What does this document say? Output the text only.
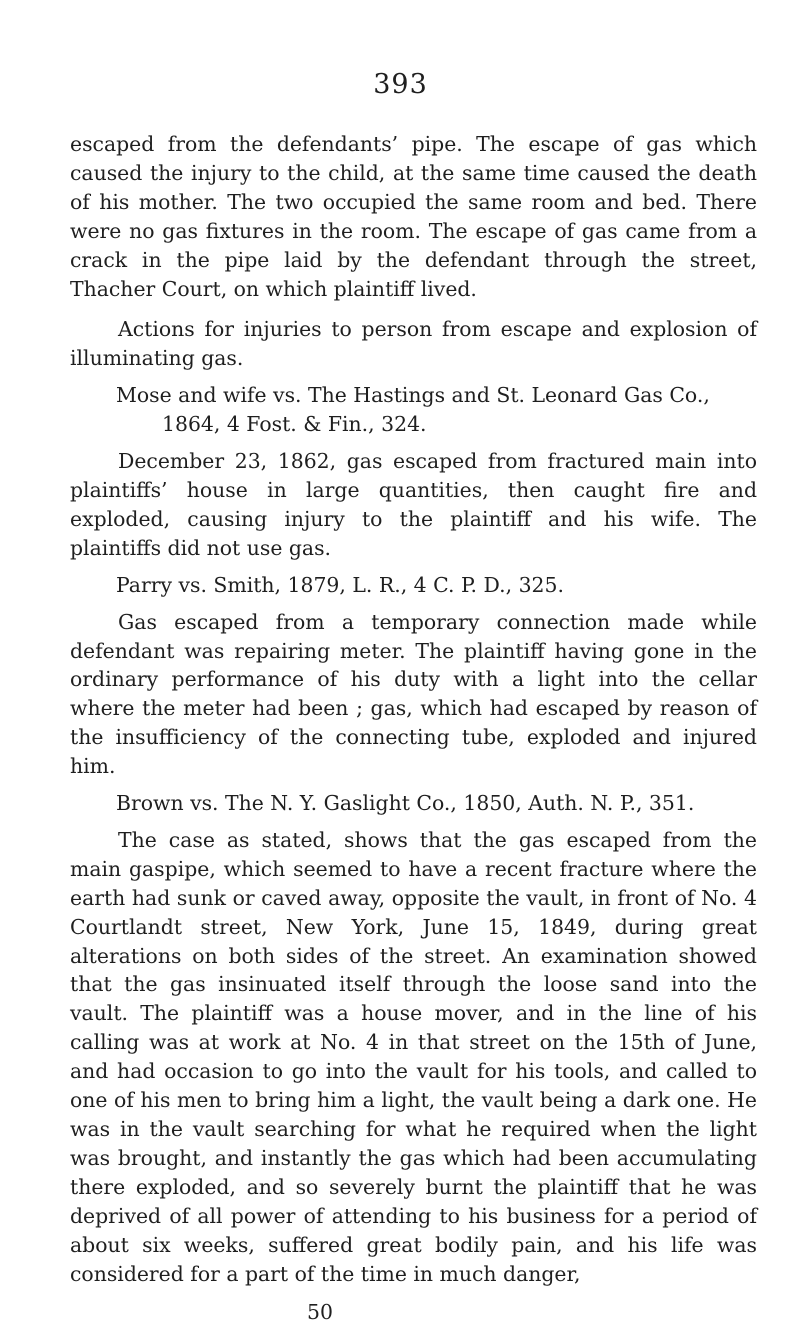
393

escaped from the defendants’ pipe. The escape of gas which caused the injury to the child, at the same time caused the death of his mother. The two occupied the same room and bed. There were no gas fixtures in the room. The escape of gas came from a crack in the pipe laid by the defendant through the street, Thacher Court, on which plaintiff lived.

Actions for injuries to person from escape and explosion of illuminating gas.

Mose and wife vs. The Hastings and St. Leonard Gas Co., 1864, 4 Fost. & Fin., 324.

December 23, 1862, gas escaped from fractured main into plaintiffs’ house in large quantities, then caught fire and exploded, causing injury to the plaintiff and his wife. The plaintiffs did not use gas.

Parry vs. Smith, 1879, L. R., 4 C. P. D., 325.

Gas escaped from a temporary connection made while defendant was repairing meter. The plaintiff having gone in the ordinary performance of his duty with a light into the cellar where the meter had been ; gas, which had escaped by reason of the insufficiency of the connecting tube, exploded and injured him.

Brown vs. The N. Y. Gaslight Co., 1850, Auth. N. P., 351.

The case as stated, shows that the gas escaped from the main gaspipe, which seemed to have a recent fracture where the earth had sunk or caved away, opposite the vault, in front of No. 4 Courtlandt street, New York, June 15, 1849, during great alterations on both sides of the street. An examination showed that the gas insinuated itself through the loose sand into the vault. The plaintiff was a house mover, and in the line of his calling was at work at No. 4 in that street on the 15th of June, and had occasion to go into the vault for his tools, and called to one of his men to bring him a light, the vault being a dark one. He was in the vault searching for what he required when the light was brought, and instantly the gas which had been accumulating there exploded, and so severely burnt the plaintiff that he was deprived of all power of attending to his business for a period of about six weeks, suffered great bodily pain, and his life was considered for a part of the time in much danger,

50
